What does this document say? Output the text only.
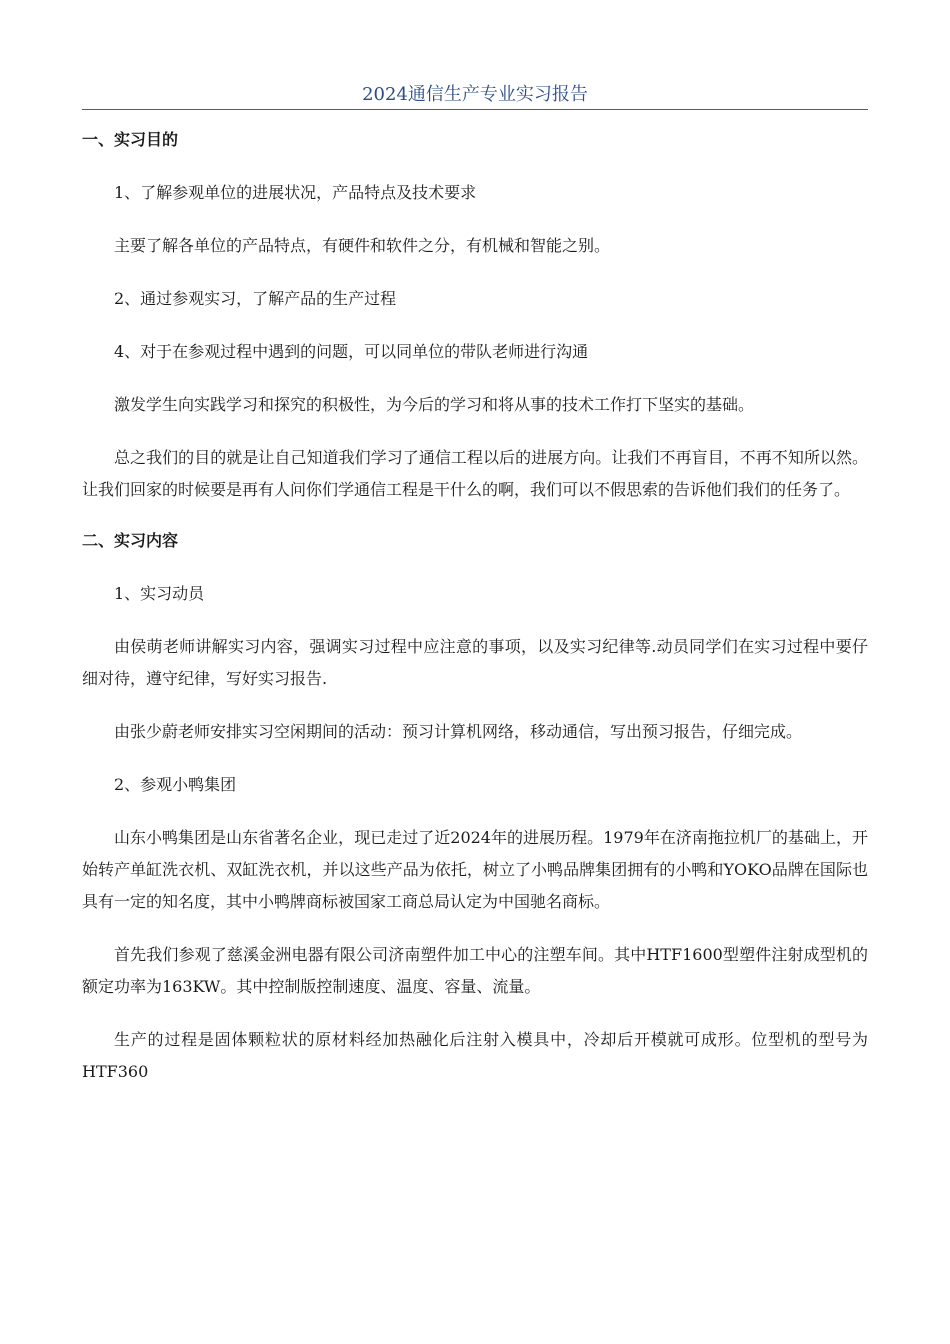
2024通信生产专业实习报告
一、实习目的
1、了解参观单位的进展状况，产品特点及技术要求
主要了解各单位的产品特点，有硬件和软件之分，有机械和智能之别。
2、通过参观实习，了解产品的生产过程
4、对于在参观过程中遇到的问题，可以同单位的带队老师进行沟通
激发学生向实践学习和探究的积极性，为今后的学习和将从事的技术工作打下坚实的基础。
总之我们的目的就是让自己知道我们学习了通信工程以后的进展方向。让我们不再盲目，不再不知所以然。让我们回家的时候要是再有人问你们学通信工程是干什么的啊，我们可以不假思索的告诉他们我们的任务了。
二、实习内容
1、实习动员
由侯萌老师讲解实习内容，强调实习过程中应注意的事项，以及实习纪律等.动员同学们在实习过程中要仔细对待，遵守纪律，写好实习报告.
由张少蔚老师安排实习空闲期间的活动：预习计算机网络，移动通信，写出预习报告，仔细完成。
2、参观小鸭集团
山东小鸭集团是山东省著名企业，现已走过了近2024年的进展历程。1979年在济南拖拉机厂的基础上，开始转产单缸洗衣机、双缸洗衣机，并以这些产品为依托，树立了小鸭品牌集团拥有的小鸭和YOKO品牌在国际也具有一定的知名度，其中小鸭牌商标被国家工商总局认定为中国驰名商标。
首先我们参观了慈溪金洲电器有限公司济南塑件加工中心的注塑车间。其中HTF1600型塑件注射成型机的额定功率为163KW。其中控制版控制速度、温度、容量、流量。
生产的过程是固体颗粒状的原材料经加热融化后注射入模具中，冷却后开模就可成形。位型机的型号为HTF360
